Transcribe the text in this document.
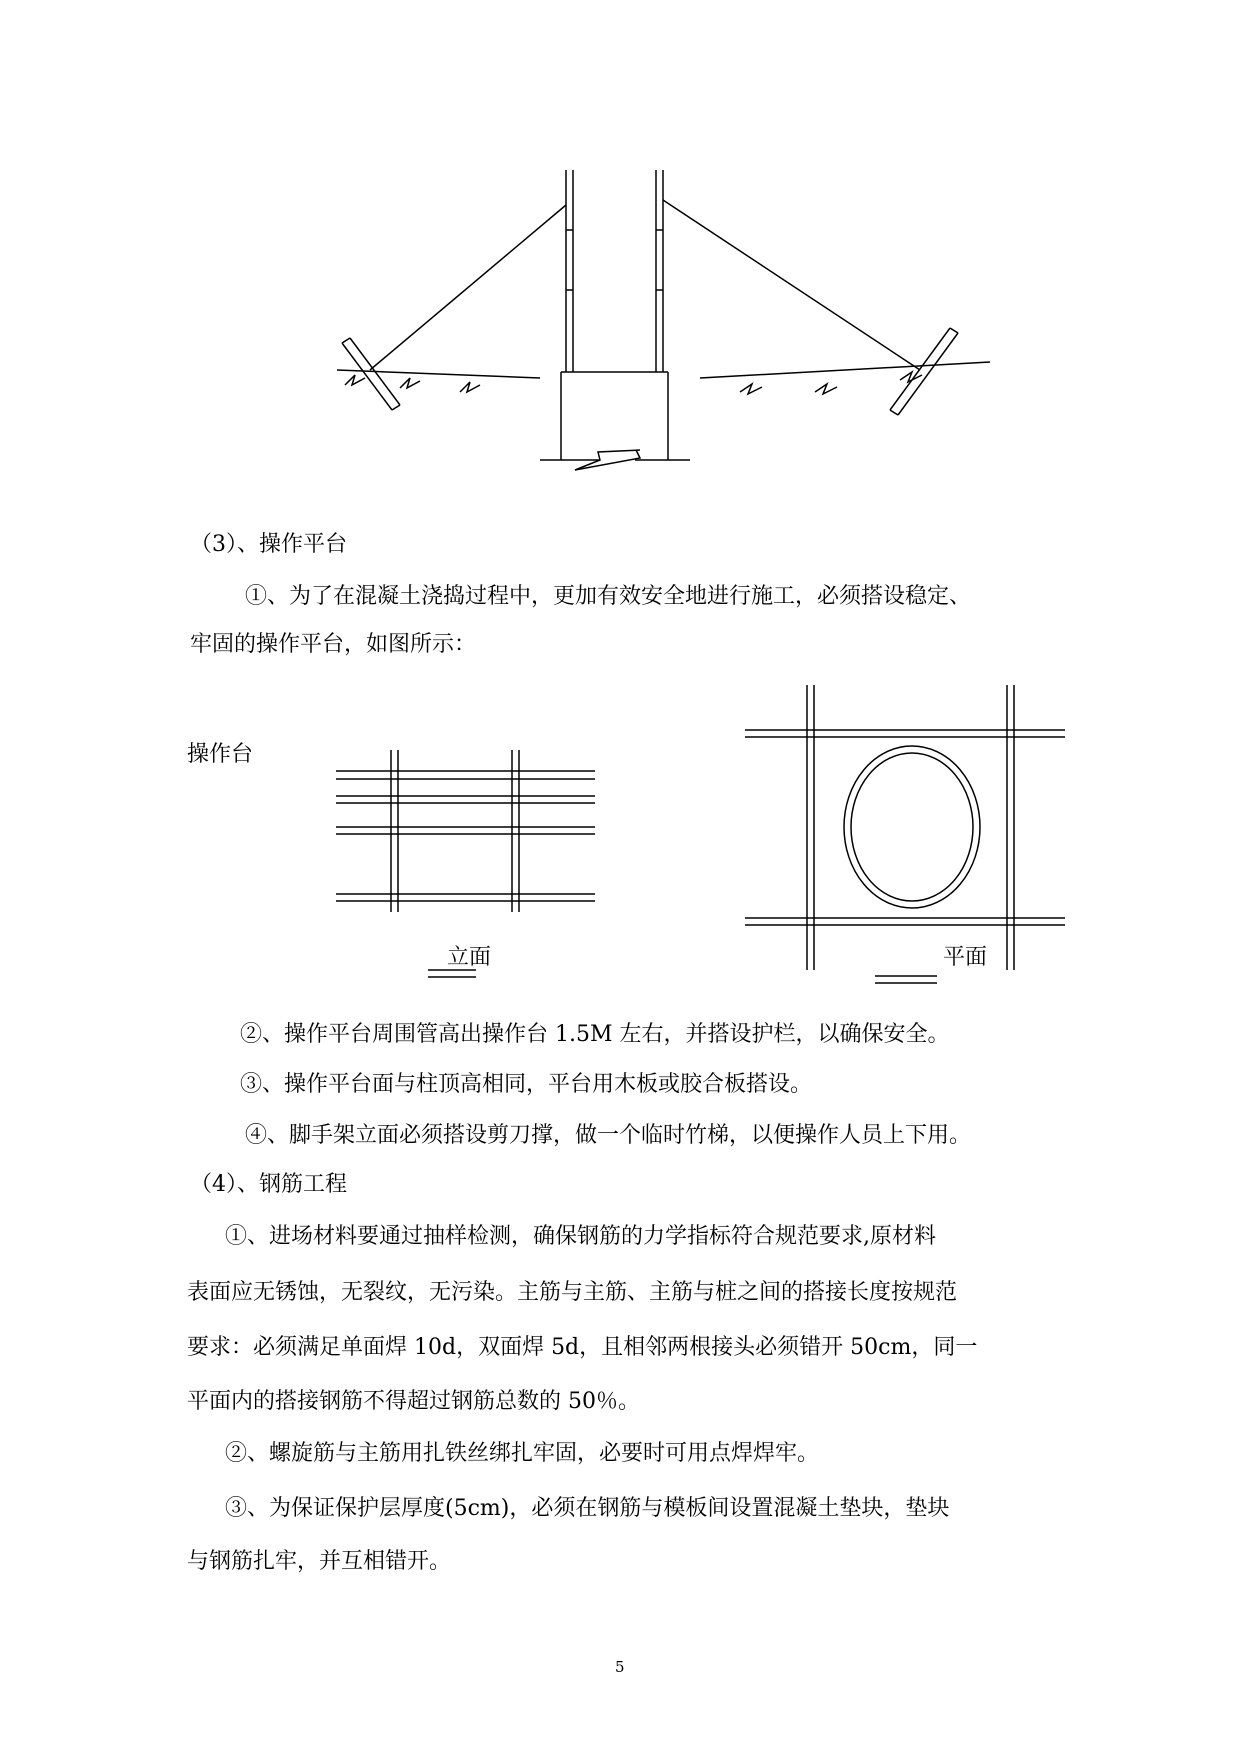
（3）、操作平台
①、为了在混凝土浇捣过程中，更加有效安全地进行施工，必须搭设稳定、
牢固的操作平台，如图所示：
操作台
立面	平面
②、操作平台周围管高出操作台 1.5M 左右，并搭设护栏，以确保安全。
③、操作平台面与柱顶高相同，平台用木板或胶合板搭设。
④、脚手架立面必须搭设剪刀撑，做一个临时竹梯，以便操作人员上下用。
（4）、钢筋工程
①、进场材料要通过抽样检测，确保钢筋的力学指标符合规范要求,原材料
表面应无锈蚀，无裂纹，无污染。主筋与主筋、主筋与桩之间的搭接长度按规范
要求：必须满足单面焊 10d，双面焊 5d，且相邻两根接头必须错开 50cm，同一
平面内的搭接钢筋不得超过钢筋总数的 50％。
②、螺旋筋与主筋用扎铁丝绑扎牢固，必要时可用点焊焊牢。
③、为保证保护层厚度(5cm)，必须在钢筋与模板间设置混凝土垫块，垫块
与钢筋扎牢，并互相错开。
5
